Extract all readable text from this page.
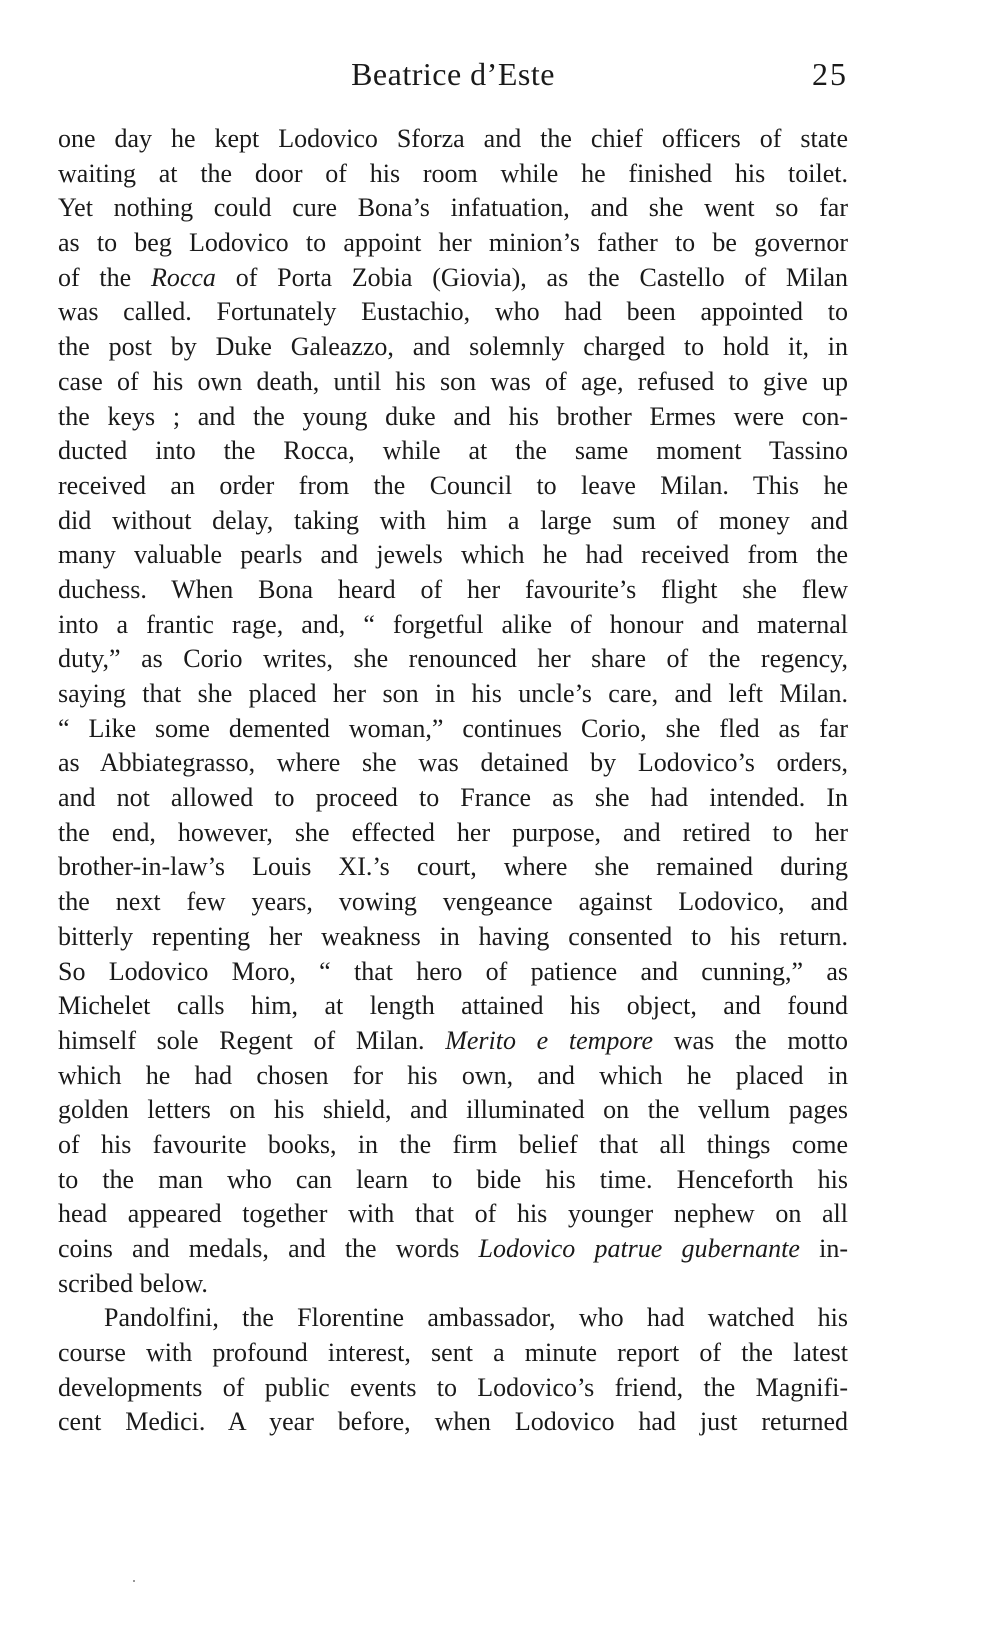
Beatrice d’Este	25
one day he kept Lodovico Sforza and the chief officers of state
waiting at the door of his room while he finished his toilet.
Yet nothing could cure Bona’s infatuation, and she went so far
as to beg Lodovico to appoint her minion’s father to be governor
of the Rocca of Porta Zobia (Giovia), as the Castello of Milan
was called. Fortunately Eustachio, who had been appointed to
the post by Duke Galeazzo, and solemnly charged to hold it, in
case of his own death, until his son was of age, refused to give up
the keys ; and the young duke and his brother Ermes were con-
ducted into the Rocca, while at the same moment Tassino
received an order from the Council to leave Milan. This he
did without delay, taking with him a large sum of money and
many valuable pearls and jewels which he had received from the
duchess. When Bona heard of her favourite’s flight she flew
into a frantic rage, and, “ forgetful alike of honour and maternal
duty,” as Corio writes, she renounced her share of the regency,
saying that she placed her son in his uncle’s care, and left Milan.
“ Like some demented woman,” continues Corio, she fled as far
as Abbiategrasso, where she was detained by Lodovico’s orders,
and not allowed to proceed to France as she had intended. In
the end, however, she effected her purpose, and retired to her
brother-in-law’s Louis XI.’s court, where she remained during
the next few years, vowing vengeance against Lodovico, and
bitterly repenting her weakness in having consented to his return.
So Lodovico Moro, “ that hero of patience and cunning,” as
Michelet calls him, at length attained his object, and found
himself sole Regent of Milan. Merito e tempore was the motto
which he had chosen for his own, and which he placed in
golden letters on his shield, and illuminated on the vellum pages
of his favourite books, in the firm belief that all things come
to the man who can learn to bide his time. Henceforth his
head appeared together with that of his younger nephew on all
coins and medals, and the words Lodovico patrue gubernante in-
scribed below.
Pandolfini, the Florentine ambassador, who had watched his
course with profound interest, sent a minute report of the latest
developments of public events to Lodovico’s friend, the Magnifi-
cent Medici. A year before, when Lodovico had just returned
